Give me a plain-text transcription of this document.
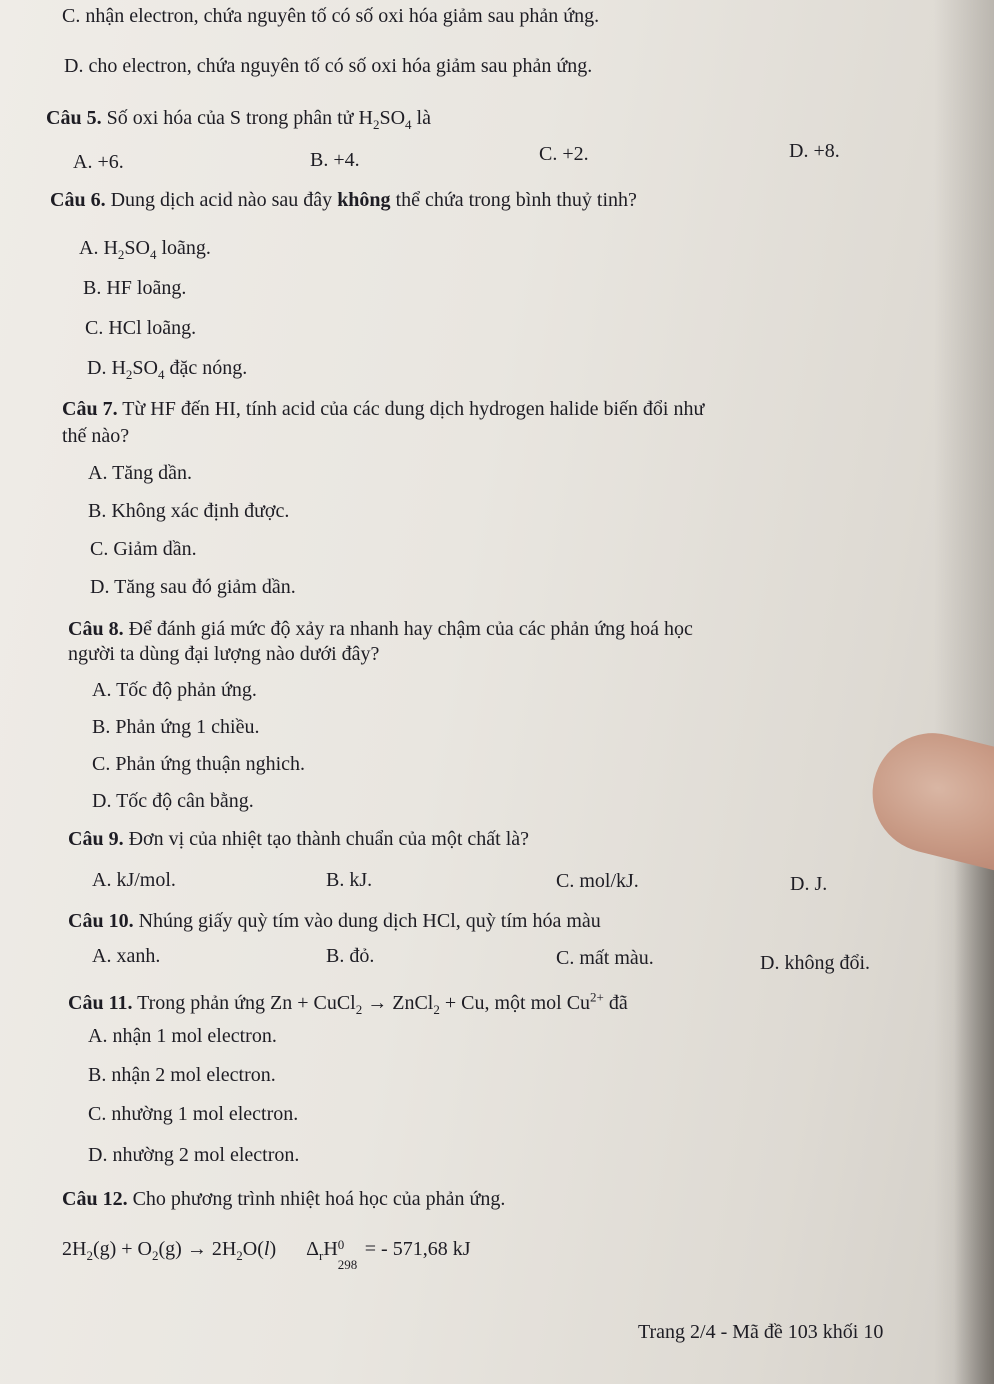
C. nhận electron, chứa nguyên tố có số oxi hóa giảm sau phản ứng.
D. cho electron, chứa nguyên tố có số oxi hóa giảm sau phản ứng.
Câu 5. Số oxi hóa của S trong phân tử $H_2SO_4$ là
A. +6.	B. +4.	C. +2.	D. +8.
Câu 6. Dung dịch acid nào sau đây không thể chứa trong bình thuỷ tinh?
A. $H_2SO_4$ loãng.
B. HF loãng.
C. HCl loãng.
D. $H_2SO_4$ đặc nóng.
Câu 7. Từ HF đến HI, tính acid của các dung dịch hydrogen halide biến đổi như
thế nào?
A. Tăng dần.
B. Không xác định được.
C. Giảm dần.
D. Tăng sau đó giảm dần.
Câu 8. Để đánh giá mức độ xảy ra nhanh hay chậm của các phản ứng hoá học
người ta dùng đại lượng nào dưới đây?
A. Tốc độ phản ứng.
B. Phản ứng 1 chiều.
C. Phản ứng thuận nghich.
D. Tốc độ cân bằng.
Câu 9. Đơn vị của nhiệt tạo thành chuẩn của một chất là?
A. kJ/mol.	B. kJ.	C. mol/kJ.	D. J.
Câu 10. Nhúng giấy quỳ tím vào dung dịch HCl, quỳ tím hóa màu
A. xanh.	B. đỏ.	C. mất màu.	D. không đổi.
Câu 11. Trong phản ứng Zn + CuCl$_2$ → ZnCl$_2$ + Cu, một mol $Cu^{2+}$ đã
A. nhận 1 mol electron.
B. nhận 2 mol electron.
C. nhường 1 mol electron.
D. nhường 2 mol electron.
Câu 12. Cho phương trình nhiệt hoá học của phản ứng.
$2H_2(g) + O_2(g) \to 2H_2O(l)$ $\Delta_rH$ 0
298
= - 571,68 kJ
Trang 2/4 - Mã đề 103 khối 10
